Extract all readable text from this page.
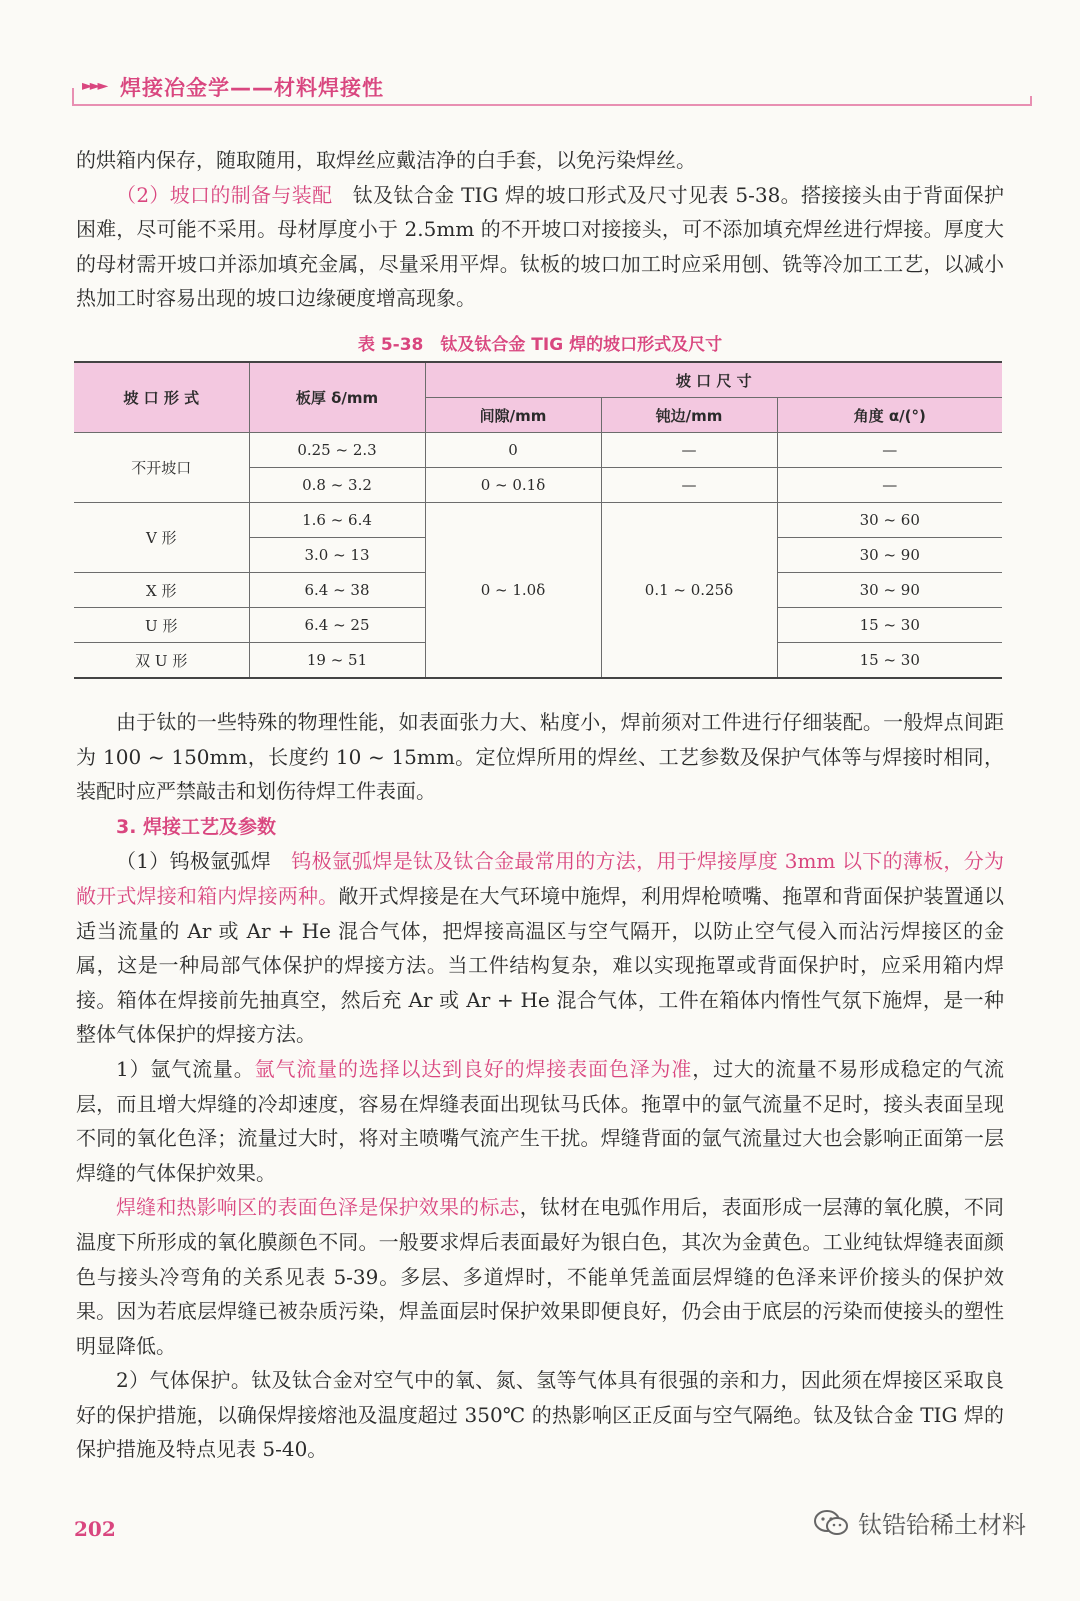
►►► 焊接冶金学——材料焊接性

的烘箱内保存，随取随用，取焊丝应戴洁净的白手套，以免污染焊丝。

（2）坡口的制备与装配　钛及钛合金 TIG 焊的坡口形式及尺寸见表 5-38。搭接接头由于背面保护困难，尽可能不采用。母材厚度小于 2.5mm 的不开坡口对接接头，可不添加填充焊丝进行焊接。厚度大的母材需开坡口并添加填充金属，尽量采用平焊。钛板的坡口加工时应采用刨、铣等冷加工工艺，以减小热加工时容易出现的坡口边缘硬度增高现象。

表 5-38　钛及钛合金 TIG 焊的坡口形式及尺寸
坡 口 形 式	板厚 δ/mm	坡 口 尺 寸		
		间隙/mm	钝边/mm	角度 α/(°)
不开坡口	0.25 ~ 2.3	0	—	—
	0.8 ~ 3.2	0 ~ 0.1δ	—	—
V 形	1.6 ~ 6.4	0 ~ 1.0δ	0.1 ~ 0.25δ	30 ~ 60
	3.0 ~ 13			30 ~ 90
X 形	6.4 ~ 38			30 ~ 90
U 形	6.4 ~ 25			15 ~ 30
双 U 形	19 ~ 51			15 ~ 30

由于钛的一些特殊的物理性能，如表面张力大、粘度小，焊前须对工件进行仔细装配。一般焊点间距为 100 ~ 150mm，长度约 10 ~ 15mm。定位焊所用的焊丝、工艺参数及保护气体等与焊接时相同，装配时应严禁敲击和划伤待焊工件表面。

3. 焊接工艺及参数

（1）钨极氩弧焊　钨极氩弧焊是钛及钛合金最常用的方法，用于焊接厚度 3mm 以下的薄板，分为敞开式焊接和箱内焊接两种。敞开式焊接是在大气环境中施焊，利用焊枪喷嘴、拖罩和背面保护装置通以适当流量的 Ar 或 Ar + He 混合气体，把焊接高温区与空气隔开，以防止空气侵入而沾污焊接区的金属，这是一种局部气体保护的焊接方法。当工件结构复杂，难以实现拖罩或背面保护时，应采用箱内焊接。箱体在焊接前先抽真空，然后充 Ar 或 Ar + He 混合气体，工件在箱体内惰性气氛下施焊，是一种整体气体保护的焊接方法。

1）氩气流量。氩气流量的选择以达到良好的焊接表面色泽为准，过大的流量不易形成稳定的气流层，而且增大焊缝的冷却速度，容易在焊缝表面出现钛马氏体。拖罩中的氩气流量不足时，接头表面呈现不同的氧化色泽；流量过大时，将对主喷嘴气流产生干扰。焊缝背面的氩气流量过大也会影响正面第一层焊缝的气体保护效果。

焊缝和热影响区的表面色泽是保护效果的标志，钛材在电弧作用后，表面形成一层薄的氧化膜，不同温度下所形成的氧化膜颜色不同。一般要求焊后表面最好为银白色，其次为金黄色。工业纯钛焊缝表面颜色与接头冷弯角的关系见表 5-39。多层、多道焊时，不能单凭盖面层焊缝的色泽来评价接头的保护效果。因为若底层焊缝已被杂质污染，焊盖面层时保护效果即便良好，仍会由于底层的污染而使接头的塑性明显降低。

2）气体保护。钛及钛合金对空气中的氧、氮、氢等气体具有很强的亲和力，因此须在焊接区采取良好的保护措施，以确保焊接熔池及温度超过 350℃ 的热影响区正反面与空气隔绝。钛及钛合金 TIG 焊的保护措施及特点见表 5-40。

202	钛锆铪稀土材料
